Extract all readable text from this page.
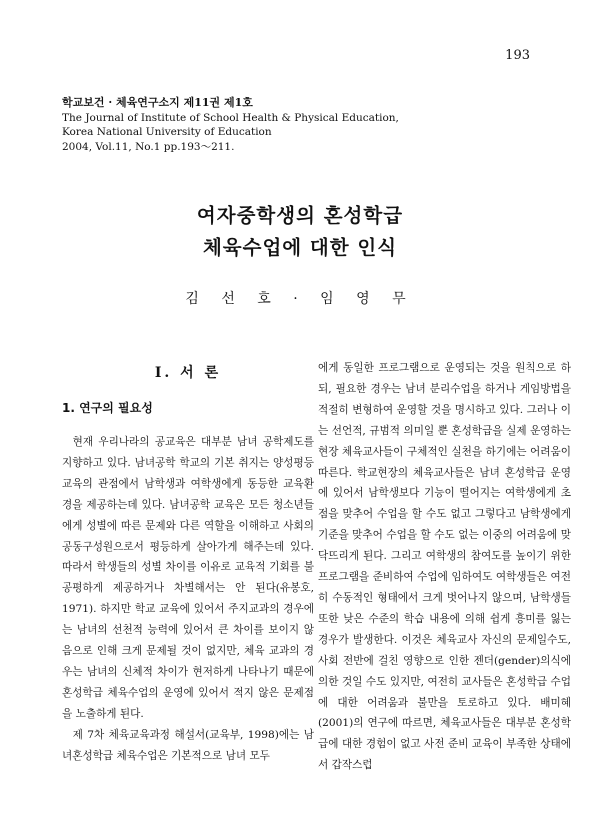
193
학교보건 · 체육연구소지 제11권 제1호
The Journal of Institute of School Health & Physical Education,
Korea National University of Education
2004, Vol.11, No.1 pp.193～211.
여자중학생의 혼성학급
체육수업에 대한 인식
김 선 호 · 임 영 무
Ⅰ. 서 론
1. 연구의 필요성

현재 우리나라의 공교육은 대부분 남녀 공학제도를 지향하고 있다. 남녀공학 학교의 기본 취지는 양성평등 교육의 관점에서 남학생과 여학생에게 동등한 교육환경을 제공하는데 있다. 남녀공학 교육은 모든 청소년들에게 성별에 따른 문제와 다른 역할을 이해하고 사회의 공동구성원으로서 평등하게 살아가게 해주는데 있다. 따라서 학생들의 성별 차이를 이유로 교육적 기회를 불공평하게 제공하거나 차별해서는 안 된다(유봉호, 1971). 하지만 학교 교육에 있어서 주지교과의 경우에는 남녀의 선천적 능력에 있어서 큰 차이를 보이지 않음으로 인해 크게 문제될 것이 없지만, 체육 교과의 경우는 남녀의 신체적 차이가 현저하게 나타나기 때문에 혼성학급 체육수업의 운영에 있어서 적지 않은 문제점을 노출하게 된다.

제 7차 체육교육과정 해설서(교육부, 1998)에는 남녀혼성학급 체육수업은 기본적으로 남녀 모두

에게 동일한 프로그램으로 운영되는 것을 원칙으로 하되, 필요한 경우는 남녀 분리수업을 하거나 게임방법을 적절히 변형하여 운영할 것을 명시하고 있다. 그러나 이는 선언적, 규범적 의미일 뿐 혼성학급을 실제 운영하는 현장 체육교사들이 구체적인 실천을 하기에는 어려움이 따른다. 학교현장의 체육교사들은 남녀 혼성학급 운영에 있어서 남학생보다 기능이 떨어지는 여학생에게 초점을 맞추어 수업을 할 수도 없고 그렇다고 남학생에게 기준을 맞추어 수업을 할 수도 없는 이중의 어려움에 맞닥뜨리게 된다. 그리고 여학생의 참여도를 높이기 위한 프로그램을 준비하여 수업에 임하여도 여학생들은 여전히 수동적인 형태에서 크게 벗어나지 않으며, 남학생들 또한 낮은 수준의 학습 내용에 의해 쉽게 흥미를 잃는 경우가 발생한다. 이것은 체육교사 자신의 문제일수도, 사회 전반에 걸친 영향으로 인한 젠더(gender)의식에 의한 것일 수도 있지만, 여전히 교사들은 혼성학급 수업에 대한 어려움과 불만을 토로하고 있다. 배미혜(2001)의 연구에 따르면, 체육교사들은 대부분 혼성학급에 대한 경험이 없고 사전 준비 교육이 부족한 상태에서 갑작스럽
